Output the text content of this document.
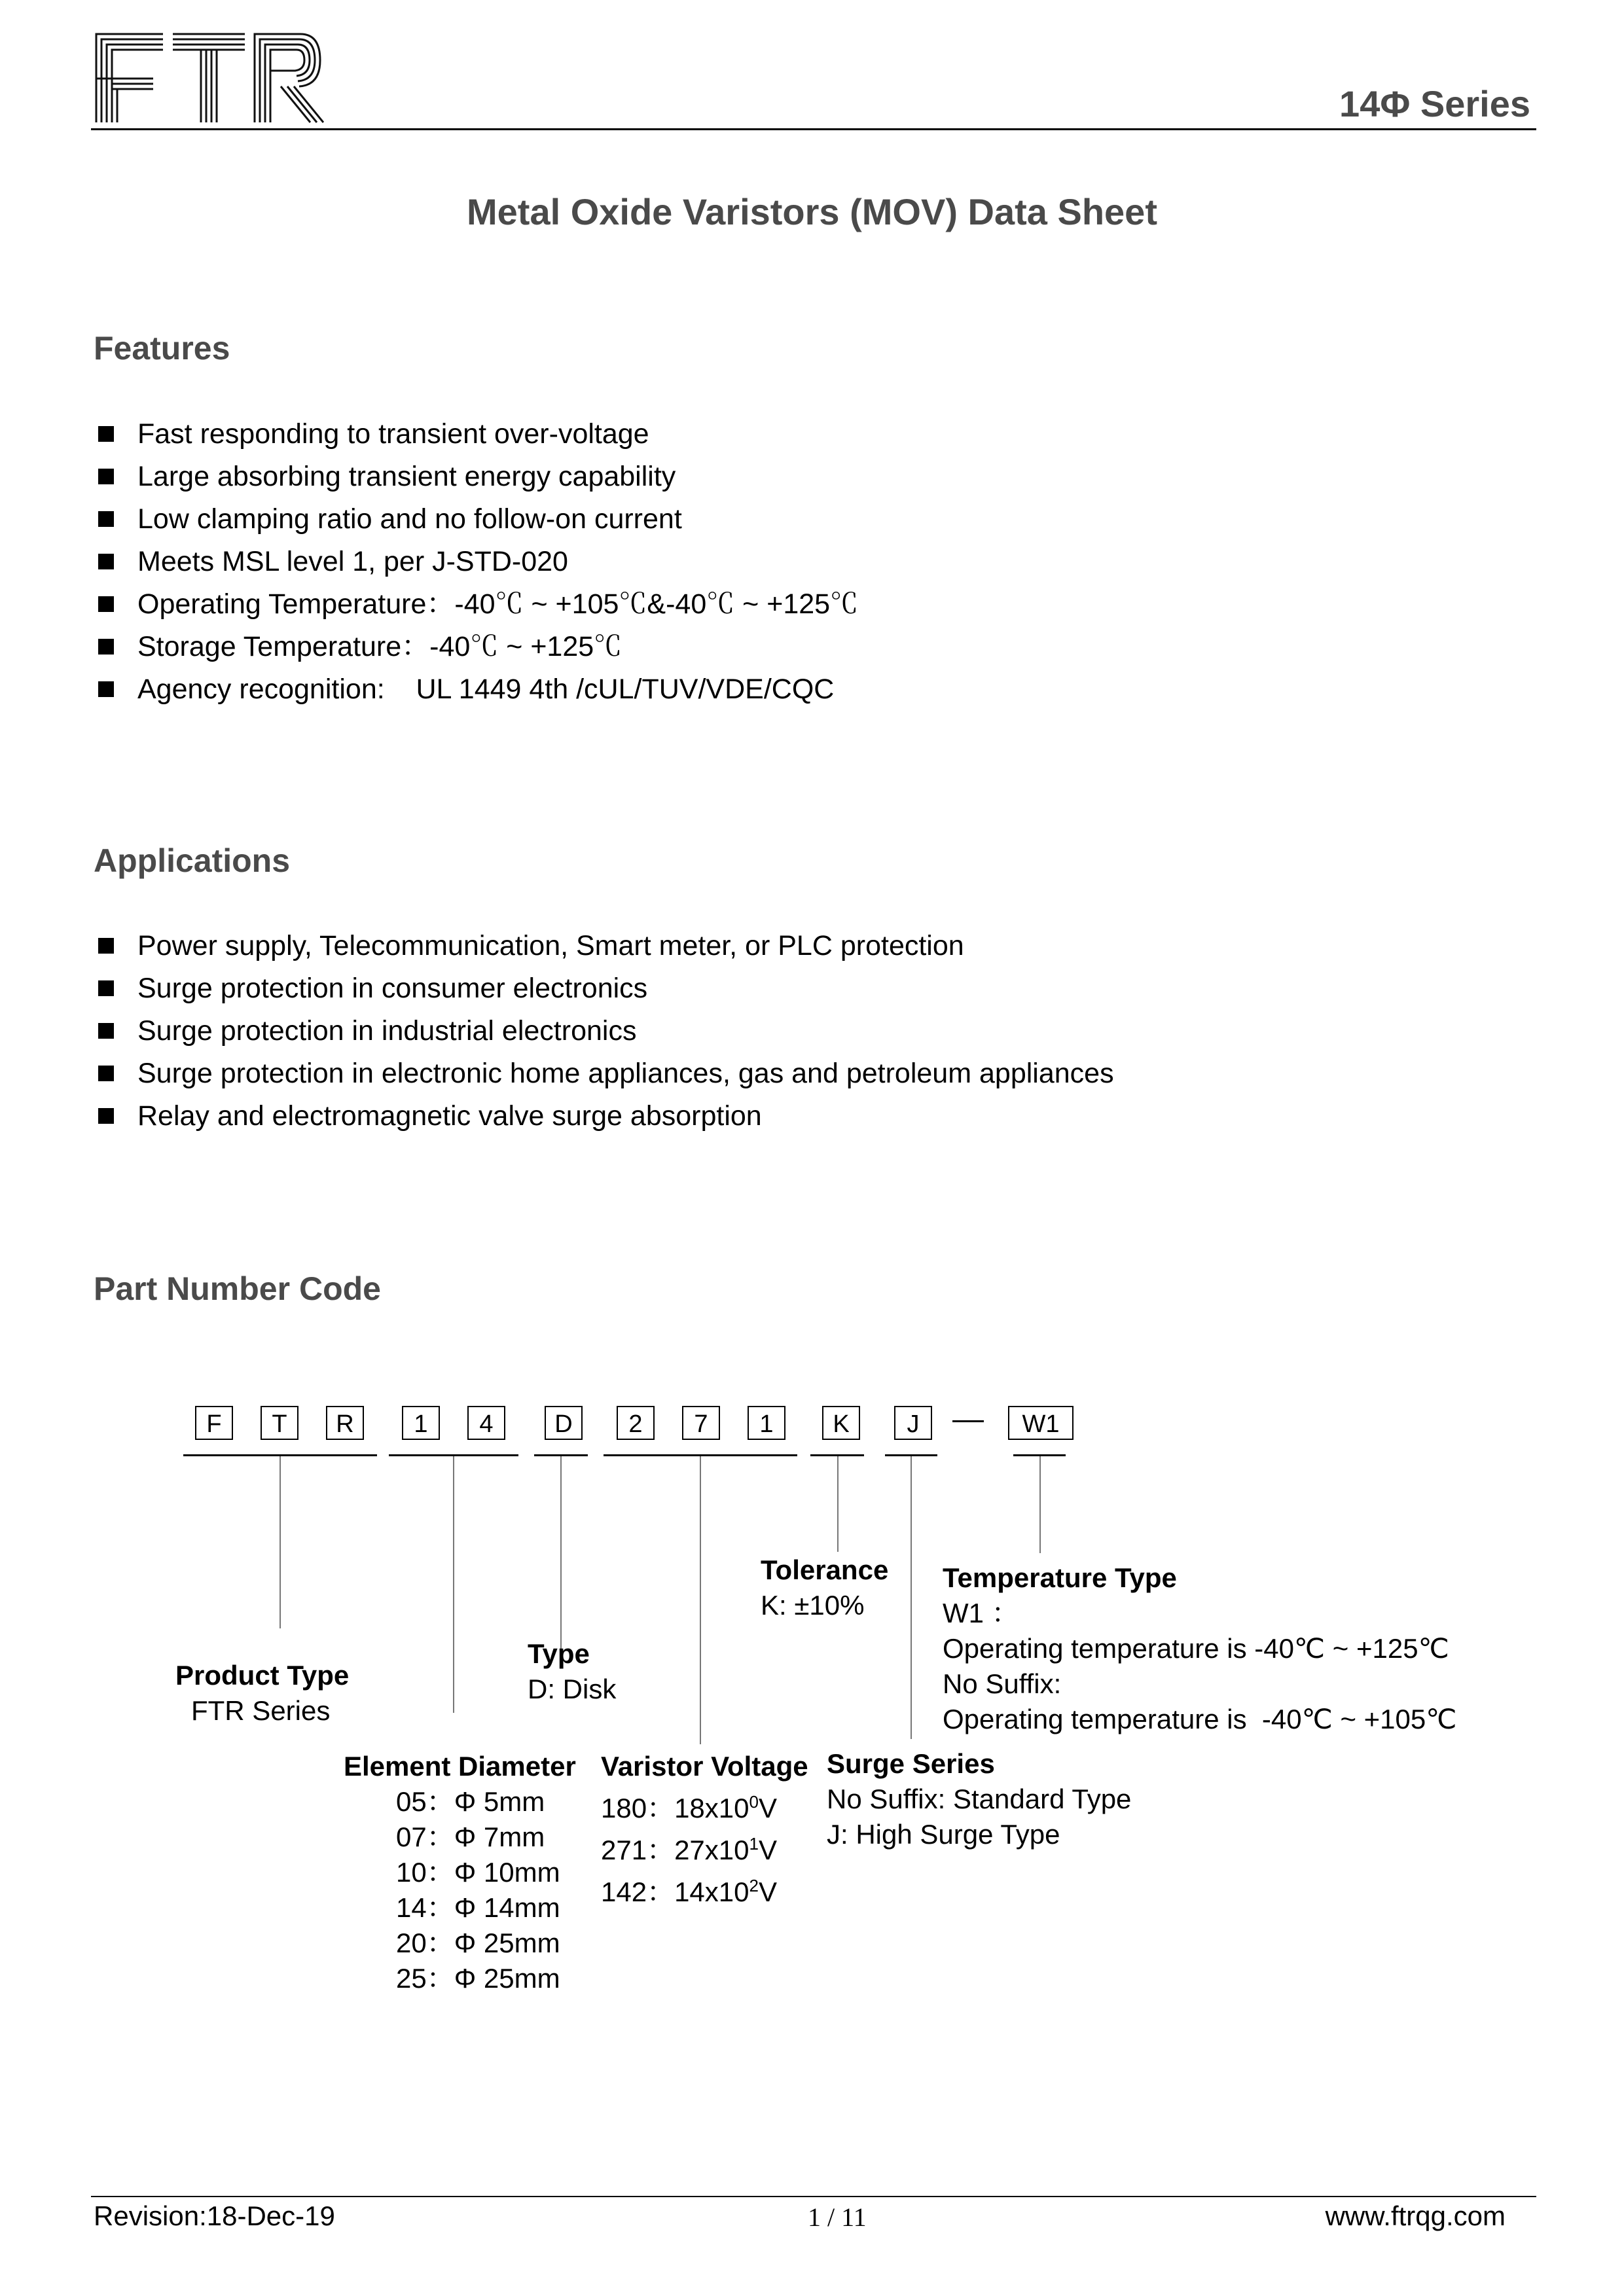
14Φ Series
Metal Oxide Varistors (MOV) Data Sheet
Features
Fast responding to transient over-voltage
Large absorbing transient energy capability
Low clamping ratio and no follow-on current
Meets MSL level 1, per J-STD-020
Operating Temperature：-40℃ ~ +105℃&-40℃ ~ +125℃
Storage Temperature：-40℃ ~ +125℃
Agency recognition:    UL 1449 4th /cUL/TUV/VDE/CQC
Applications
Power supply, Telecommunication, Smart meter, or PLC protection
Surge protection in consumer electronics
Surge protection in industrial electronics
Surge protection in electronic home appliances, gas and petroleum appliances
Relay and electromagnetic valve surge absorption
Part Number Code
F	T	R	1	4	D	2	7	1	K	J	W1
Product Type
FTR Series
Type
D: Disk
Tolerance
K: ±10%
Temperature Type
W1 ：
Operating temperature is -40℃ ~ +125℃
No Suffix:
Operating temperature is  -40℃ ~ +105℃
Element Diameter
05：Φ 5mm
07：Φ 7mm
10：Φ 10mm
14：Φ 14mm
20：Φ 25mm
25：Φ 25mm
Varistor Voltage
180：$18x10^0V$
271：$27x10^1V$
142：$14x10^2V$
Surge Series
No Suffix: Standard Type
J: High Surge Type
Revision:18-Dec-19	1 / 11	www.ftrqg.com
